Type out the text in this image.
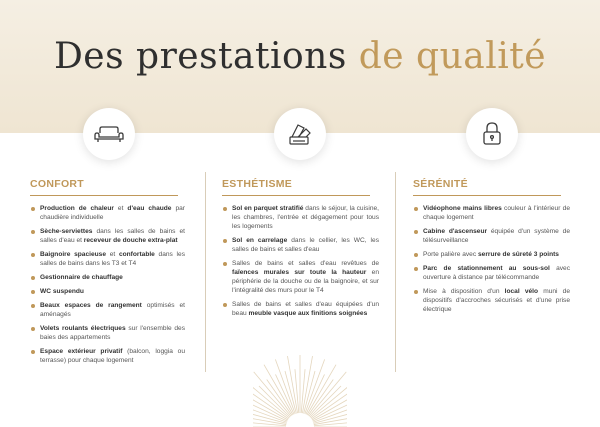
Des prestations de qualité
CONFORT
Production de chaleur et d'eau chaude par chaudière individuelle
Sèche-serviettes dans les salles de bains et salles d'eau et receveur de douche extra-plat
Baignoire spacieuse et confortable dans les salles de bains dans les T3 et T4
Gestionnaire de chauffage
WC suspendu
Beaux espaces de rangement optimisés et aménagés
Volets roulants électriques sur l'ensemble des baies des appartements
Espace extérieur privatif (balcon, loggia ou terrasse) pour chaque logement
ESTHÉTISME
Sol en parquet stratifié dans le séjour, la cuisine, les chambres, l'entrée et dégagement pour tous les logements
Sol en carrelage dans le cellier, les WC, les salles de bains et salles d'eau
Salles de bains et salles d'eau revêtues de faïences murales sur toute la hauteur en périphérie de la douche ou de la baignoire, et sur l'intégralité des murs pour le T4
Salles de bains et salles d'eau équipées d'un beau meuble vasque aux finitions soignées
SÉRÉNITÉ
Vidéophone mains libres couleur à l'intérieur de chaque logement
Cabine d'ascenseur équipée d'un système de télésurveillance
Porte palière avec serrure de sûreté 3 points
Parc de stationnement au sous-sol avec ouverture à distance par télécommande
Mise à disposition d'un local vélo muni de dispositifs d'accroches sécurisés et d'une prise électrique
